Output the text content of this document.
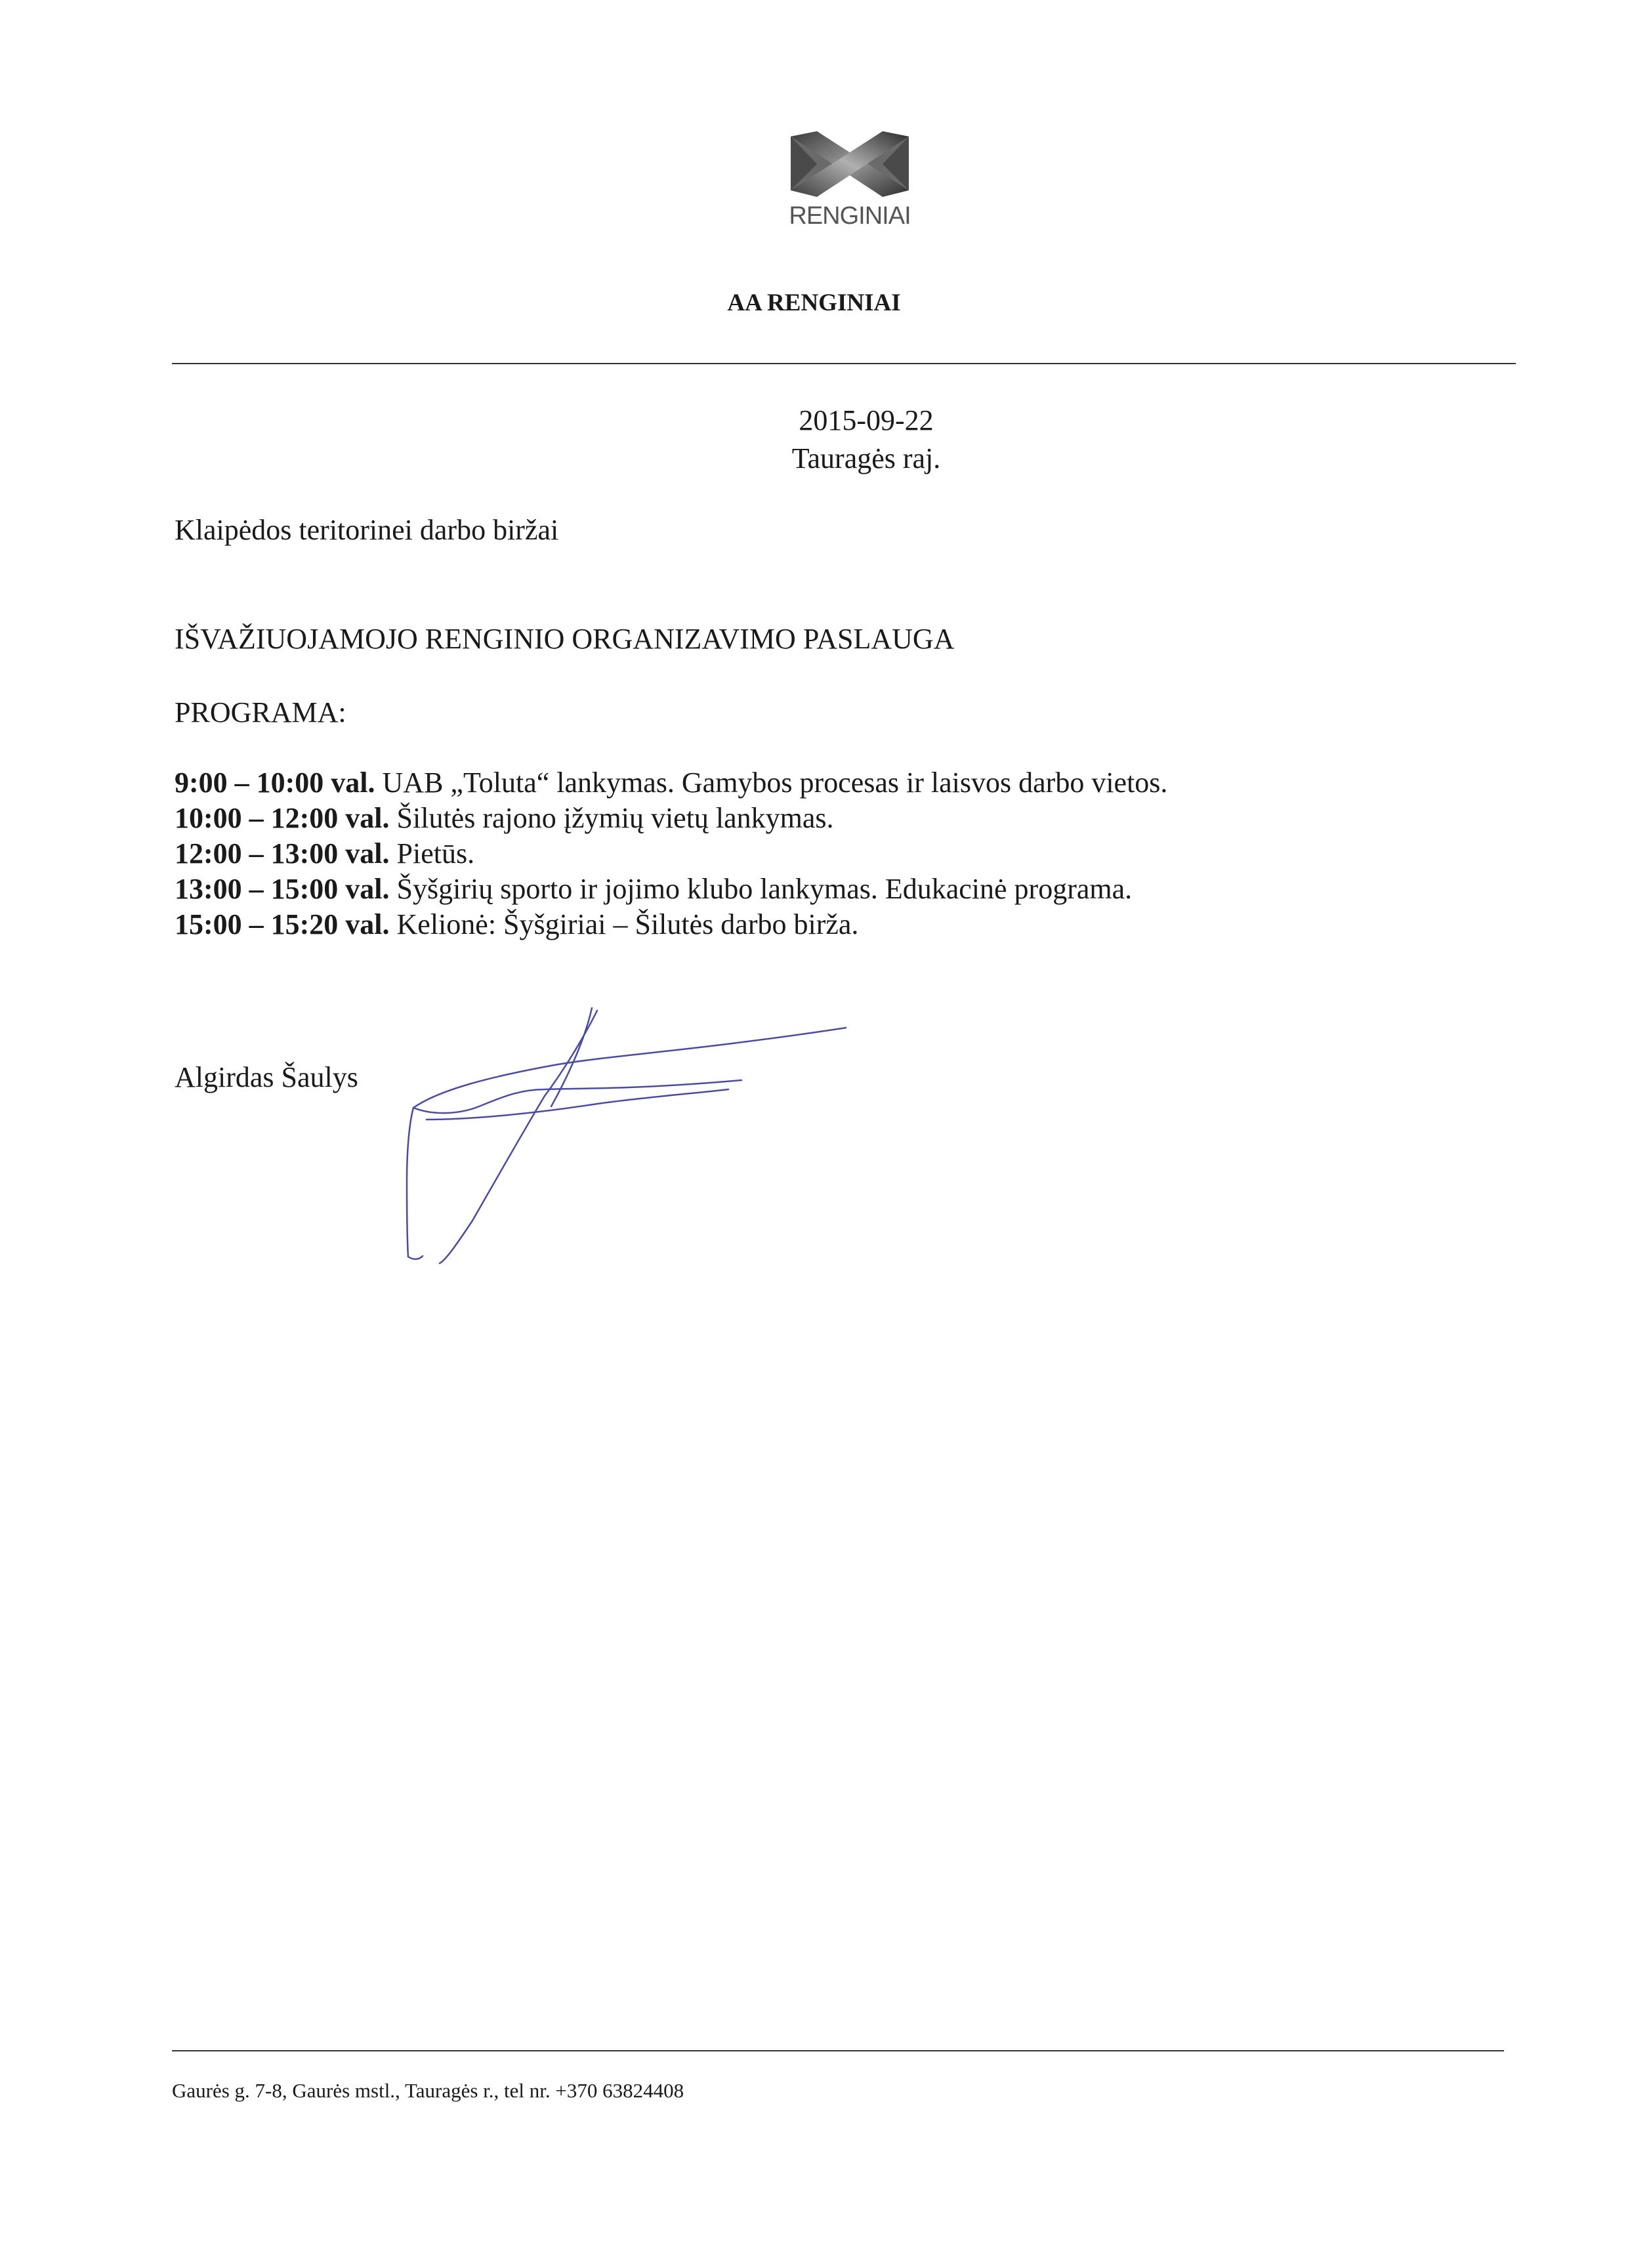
RENGINIAI
AA RENGINIAI
2015-09-22
Tauragės raj.
Klaipėdos teritorinei darbo biržai
IŠVAŽIUOJAMOJO RENGINIO ORGANIZAVIMO PASLAUGA
PROGRAMA:
9:00 – 10:00 val. UAB „Toluta“ lankymas. Gamybos procesas ir laisvos darbo vietos.
10:00 – 12:00 val. Šilutės rajono įžymių vietų lankymas.
12:00 – 13:00 val. Pietūs.
13:00 – 15:00 val. Šyšgirių sporto ir jojimo klubo lankymas. Edukacinė programa.
15:00 – 15:20 val. Kelionė: Šyšgiriai – Šilutės darbo birža.
Algirdas Šaulys
Gaurės g. 7-8, Gaurės mstl., Tauragės r., tel nr. +370 63824408
